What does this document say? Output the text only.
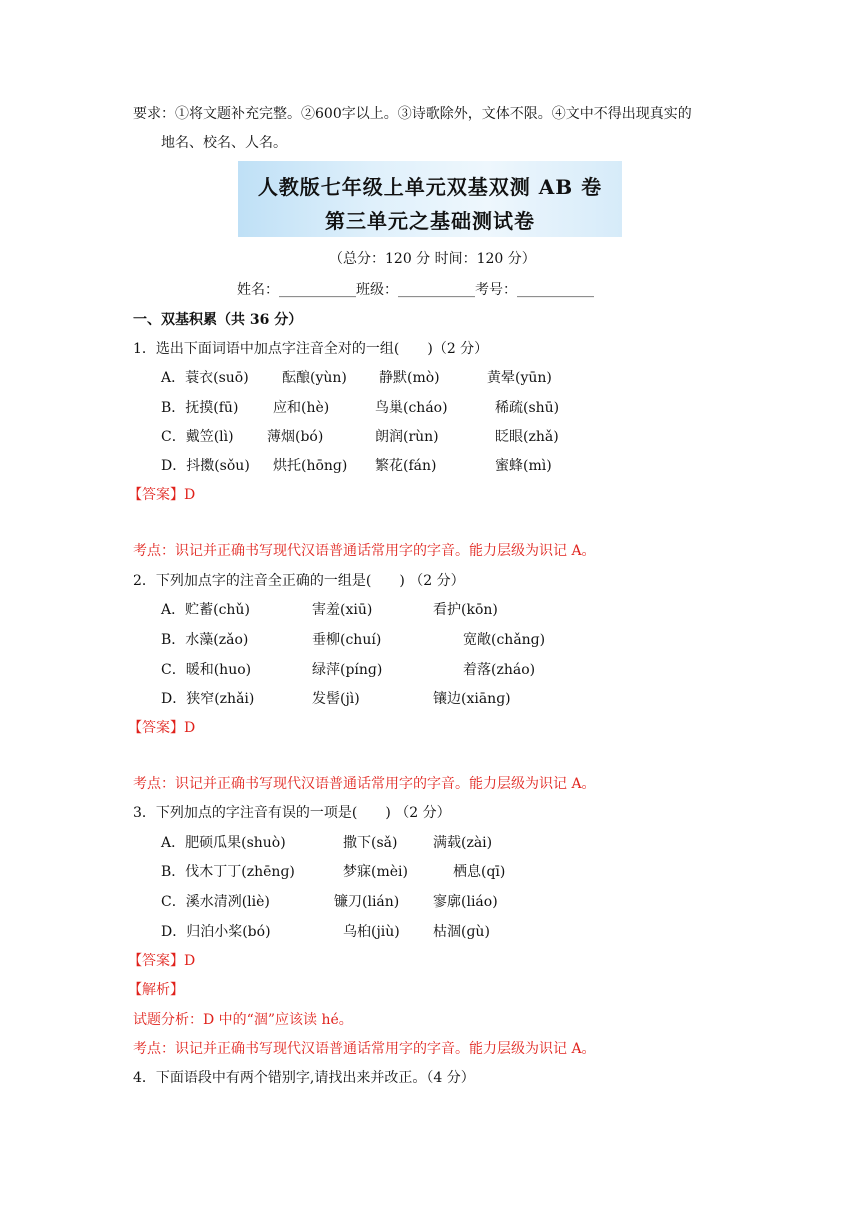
要求：①将文题补充完整。②600字以上。③诗歌除外，文体不限。④文中不得出现真实的
地名、校名、人名。
人教版七年级上单元双基双测 AB 卷
第三单元之基础测试卷
（总分：120 分 时间：120 分）
姓名：___________班级：___________考号：___________
一、双基积累（共 36 分）
1．选出下面词语中加点字注音全对的一组(　　)（2 分）
A．蓑衣(suō) 酝酿(yùn) 静默(mò)	黄晕(yūn)
B．抚摸(fū) 应和(hè)	鸟巢(cháo)	稀疏(shū)
C．戴笠(lì) 薄烟(bó)	朗润(rùn)	眨眼(zhǎ)
D．抖擞(sǒu) 烘托(hōnɡ) 繁花(fán)	蜜蜂(mì)
【答案】D
考点：识记并正确书写现代汉语普通话常用字的字音。能力层级为识记 A。
2．下列加点字的注音全正确的一组是(　　) （2 分）
A．贮蓄(chǔ)	害羞(xiū)	看护(kōn)
B．水藻(zǎo)	垂柳(chuí)	宽敞(chǎnɡ)
C．暖和(huo)	绿萍(pínɡ)	着落(zháo)
D．狭窄(zhǎi)	发髻(jì)	镶边(xiānɡ)
【答案】D
考点：识记并正确书写现代汉语普通话常用字的字音。能力层级为识记 A。
3．下列加点的字注音有误的一项是(　　) （2 分）
A．肥硕瓜果(shuò)	撒下(sǎ)	满载(zài)
B．伐木丁丁(zhēnɡ)	梦寐(mèi)	栖息(qī)
C．溪水清冽(liè)	镰刀(lián) 寥廓(liáo)
D．归泊小桨(bó)	乌桕(jiù) 枯涸(ɡù)
【答案】D
【解析】
试题分析：D 中的“涸”应该读 hé。
考点：识记并正确书写现代汉语普通话常用字的字音。能力层级为识记 A。
4．下面语段中有两个错别字,请找出来并改正。（4 分）
